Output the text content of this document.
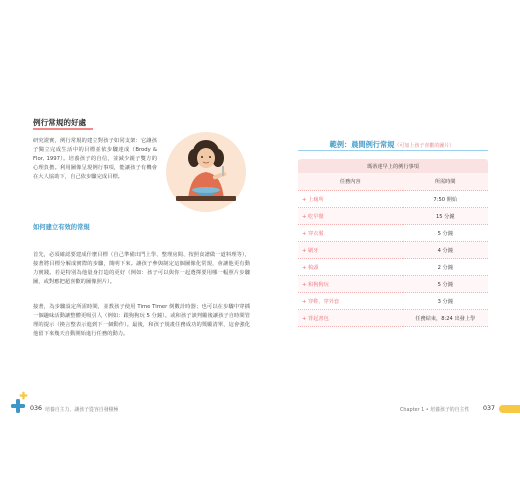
例行常規的好處

研究證實，例行常規的建立對孩子如同支架：它讓孩子獨立完成生活中的目標並依步驟達成（Brody & Flor, 1997）。培養孩子的自信，並減少親子雙方的心理負擔。利用圖像呈現例行事項，能讓孩子有機會在大人協助下，自己依步驟完成目標。

如何建立有效的常規

首先，必須確認要建成什麼目標（自己準備出門上學、整理房間、按照食譜做一道料理等），接著將目標分解成實際的步驟，簡明下來。讓孩子參與制定這個圖像化常規，會讓他更有動力實踐。若是特別為他量身打造的更好（例如：孩子可以與你一起選擇要用哪一幅照片步驟圖，或對應把超喜歡的圖像照片）。

接著，為步驟設定所需時間，並教孩子使用 Time Timer 倒數計時器；也可以在步驟中穿插一個趣味活動讓整體更吸引人（例如：跟狗狗玩 5 分鐘）。或和孩子談判勵後讓孩子自時間管理的提示（換言整表示進到下一個動作）。最後，和孩子規畫任務成功的獎勵清單，這會強化他留下來幾天自動開始進行任務的動力。

範例：晨間例行常規（可加上孩子喜歡的圖片）
瑪蒂達早上的例行事項	
任務內容	所需時間
+ 上廁所	7:50 開始
+ 吃早餐	15 分鐘
+ 穿衣服	5 分鐘
+ 刷牙	4 分鐘
+ 梳頭	2 分鐘
+ 和狗狗玩	5 分鐘
+ 穿鞋、穿外套	3 分鐘
+ 背起書包	任務結束，8:24 出發上學
036 培養自主力，讓孩子從容自發積極	Chapter 1 • 培養孩子的自主性 037
